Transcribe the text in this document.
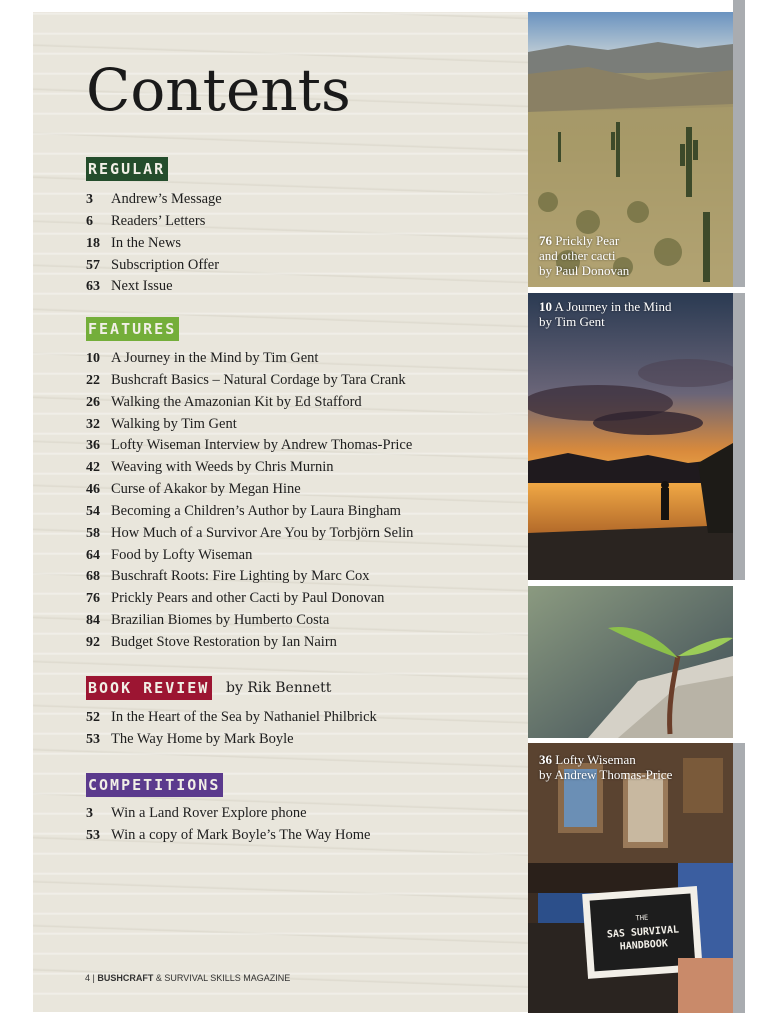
Contents
REGULAR
3 Andrew’s Message
6 Readers’ Letters
18 In the News
57 Subscription Offer
63 Next Issue
FEATURES
10 A Journey in the Mind by Tim Gent
22 Bushcraft Basics – Natural Cordage by Tara Crank
26 Walking the Amazonian Kit by Ed Stafford
32 Walking by Tim Gent
36 Lofty Wiseman Interview by Andrew Thomas-Price
42 Weaving with Weeds by Chris Murnin
46 Curse of Akakor by Megan Hine
54 Becoming a Children’s Author by Laura Bingham
58 How Much of a Survivor Are You by Torbjörn Selin
64 Food by Lofty Wiseman
68 Buschraft Roots: Fire Lighting by Marc Cox
76 Prickly Pears and other Cacti by Paul Donovan
84 Brazilian Biomes by Humberto Costa
92 Budget Stove Restoration by Ian Nairn
BOOK REVIEW by Rik Bennett
52 In the Heart of the Sea by Nathaniel Philbrick
53 The Way Home by Mark Boyle
COMPETITIONS
3 Win a Land Rover Explore phone
53 Win a copy of Mark Boyle’s The Way Home
4 | BUSHCRAFT & SURVIVAL SKILLS MAGAZINE
76 Prickly Pear
and other cacti
by Paul Donovan
10 A Journey in the Mind
by Tim Gent
THE
SAS SURVIVAL
HANDBOOK
36 Lofty Wiseman
by Andrew Thomas-Price
